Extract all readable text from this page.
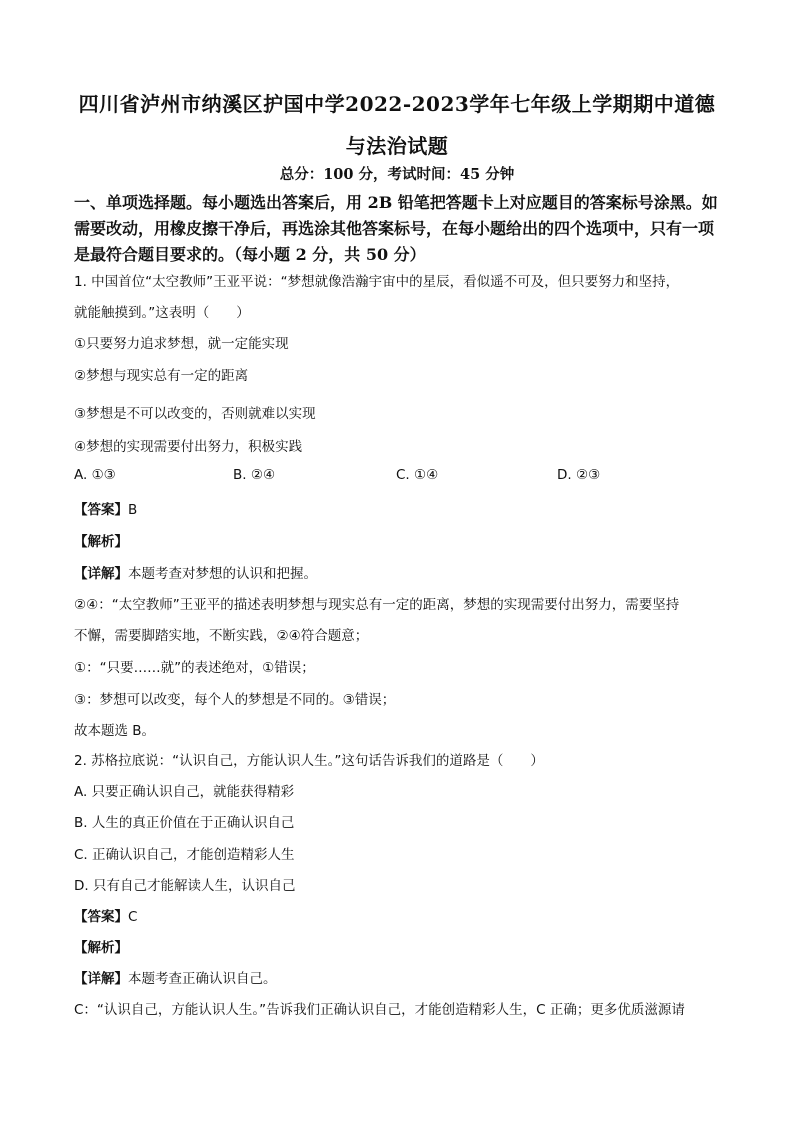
四川省泸州市纳溪区护国中学2022-2023学年七年级上学期期中道德
与法治试题
总分：100 分，考试时间：45 分钟
一、单项选择题。每小题选出答案后，用 2B 铅笔把答题卡上对应题目的答案标号涂黑。如
需要改动，用橡皮擦干净后，再选涂其他答案标号，在每小题给出的四个选项中，只有一项
是最符合题目要求的。（每小题 2 分，共 50 分）
1. 中国首位“太空教师”王亚平说：“梦想就像浩瀚宇宙中的星辰，看似遥不可及，但只要努力和坚持，
就能触摸到。”这表明（　　）
①只要努力追求梦想，就一定能实现
②梦想与现实总有一定的距离
③梦想是不可以改变的，否则就难以实现
④梦想的实现需要付出努力，积极实践
A. ①③	B. ②④	C. ①④	D. ②③
【答案】B
【解析】
【详解】本题考查对梦想的认识和把握。
②④：“太空教师”王亚平的描述表明梦想与现实总有一定的距离，梦想的实现需要付出努力，需要坚持
不懈，需要脚踏实地，不断实践，②④符合题意；
①：“只要……就”的表述绝对，①错误；
③：梦想可以改变，每个人的梦想是不同的。③错误；
故本题选 B。
2. 苏格拉底说：“认识自己，方能认识人生。”这句话告诉我们的道路是（　　）
A. 只要正确认识自己，就能获得精彩
B. 人生的真正价值在于正确认识自己
C. 正确认识自己，才能创造精彩人生
D. 只有自己才能解读人生，认识自己
【答案】C
【解析】
【详解】本题考查正确认识自己。
C：“认识自己，方能认识人生。”告诉我们正确认识自己，才能创造精彩人生，C 正确；更多优质滋源请
